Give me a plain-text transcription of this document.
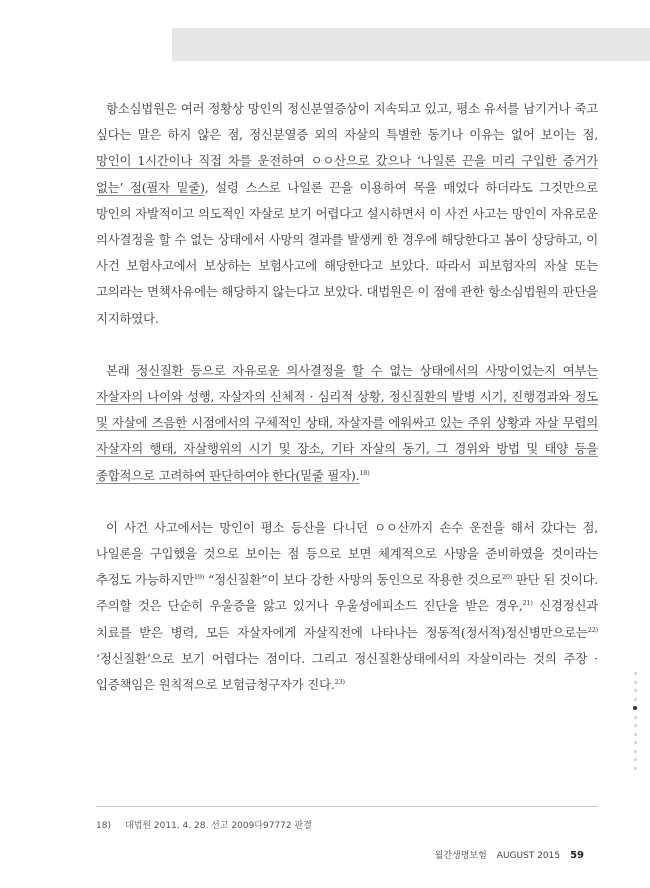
항소심법원은 여러 정황상 망인의 정신분열증상이 지속되고 있고, 평소 유서를 남기거나 죽고 싶다는 말은 하지 않은 점, 정신분열증 외의 자살의 특별한 동기나 이유는 없어 보이는 점, 망인이 1시간이나 직접 차를 운전하여 ㅇㅇ산으로 갔으나 ‘나일론 끈을 미리 구입한 증거가 없는’ 점(필자 밑줄), 설령 스스로 나일론 끈을 이용하여 목을 매었다 하더라도 그것만으로 망인의 자발적이고 의도적인 자살로 보기 어렵다고 설시하면서 이 사건 사고는 망인이 자유로운 의사결정을 할 수 없는 상태에서 사망의 결과를 발생케 한 경우에 해당한다고 봄이 상당하고, 이 사건 보험사고에서 보상하는 보험사고에 해당한다고 보았다. 따라서 피보험자의 자살 또는 고의라는 면책사유에는 해당하지 않는다고 보았다. 대법원은 이 점에 관한 항소심법원의 판단을 지지하였다.

본래 정신질환 등으로 자유로운 의사결정을 할 수 없는 상태에서의 사망이었는지 여부는 자살자의 나이와 성행, 자살자의 신체적 · 심리적 상황, 정신질환의 발병 시기, 진행경과와 정도 및 자살에 즈음한 시점에서의 구체적인 상태, 자살자를 에워싸고 있는 주위 상황과 자살 무렵의 자살자의 행태, 자살행위의 시기 및 장소, 기타 자살의 동기, 그 경위와 방법 및 태양 등을 종합적으로 고려하여 판단하여야 한다(밑줄 필자).$^{18)}$

이 사건 사고에서는 망인이 평소 등산을 다니던 ㅇㅇ산까지 손수 운전을 해서 갔다는 점, 나일론을 구입했을 것으로 보이는 점 등으로 보면 체계적으로 사망을 준비하였을 것이라는 추정도 가능하지만$^{19)}$ “정신질환”이 보다 강한 사망의 동인으로 작용한 것으로$^{20)}$ 판단 된 것이다. 주의할 것은 단순히 우울증을 앓고 있거나 우울성에피소드 진단을 받은 경우,$^{21)}$ 신경정신과 치료를 받은 병력, 모든 자살자에게 자살직전에 나타나는 정동적(정서적)정신병만으로는$^{22)}$ ‘정신질환’으로 보기 어렵다는 점이다. 그리고 정신질환상태에서의 자살이라는 것의 주장 · 입증책임은 원칙적으로 보험금청구자가 진다.$^{23)}$

18) 대법원 2011. 4. 28. 선고 2009다97772 판결
월간생명보험 AUGUST 2015 59
